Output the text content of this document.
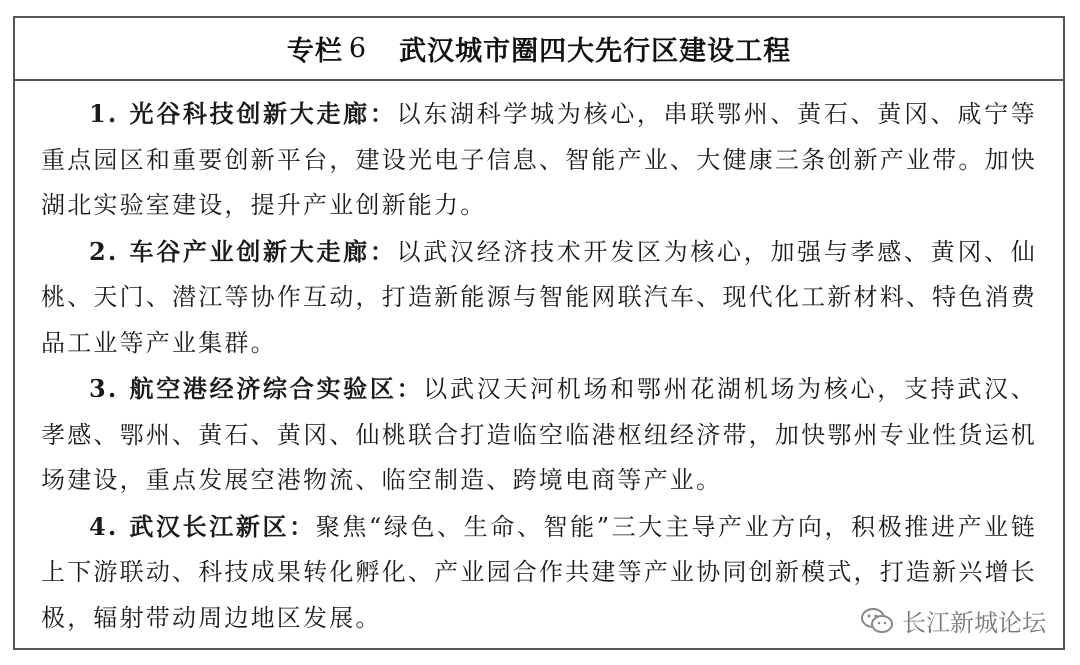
专栏 6 武汉城市圈四大先行区建设工程

1. 光谷科技创新大走廊：以东湖科学城为核心，串联鄂州、黄石、黄冈、咸宁等重点园区和重要创新平台，建设光电子信息、智能产业、大健康三条创新产业带。加快湖北实验室建设，提升产业创新能力。

2. 车谷产业创新大走廊：以武汉经济技术开发区为核心，加强与孝感、黄冈、仙桃、天门、潜江等协作互动，打造新能源与智能网联汽车、现代化工新材料、特色消费品工业等产业集群。

3. 航空港经济综合实验区：以武汉天河机场和鄂州花湖机场为核心，支持武汉、孝感、鄂州、黄石、黄冈、仙桃联合打造临空临港枢纽经济带，加快鄂州专业性货运机场建设，重点发展空港物流、临空制造、跨境电商等产业。

4. 武汉长江新区：聚焦“绿色、生命、智能”三大主导产业方向，积极推进产业链上下游联动、科技成果转化孵化、产业园合作共建等产业协同创新模式，打造新兴增长极，辐射带动周边地区发展。	长江新城论坛
